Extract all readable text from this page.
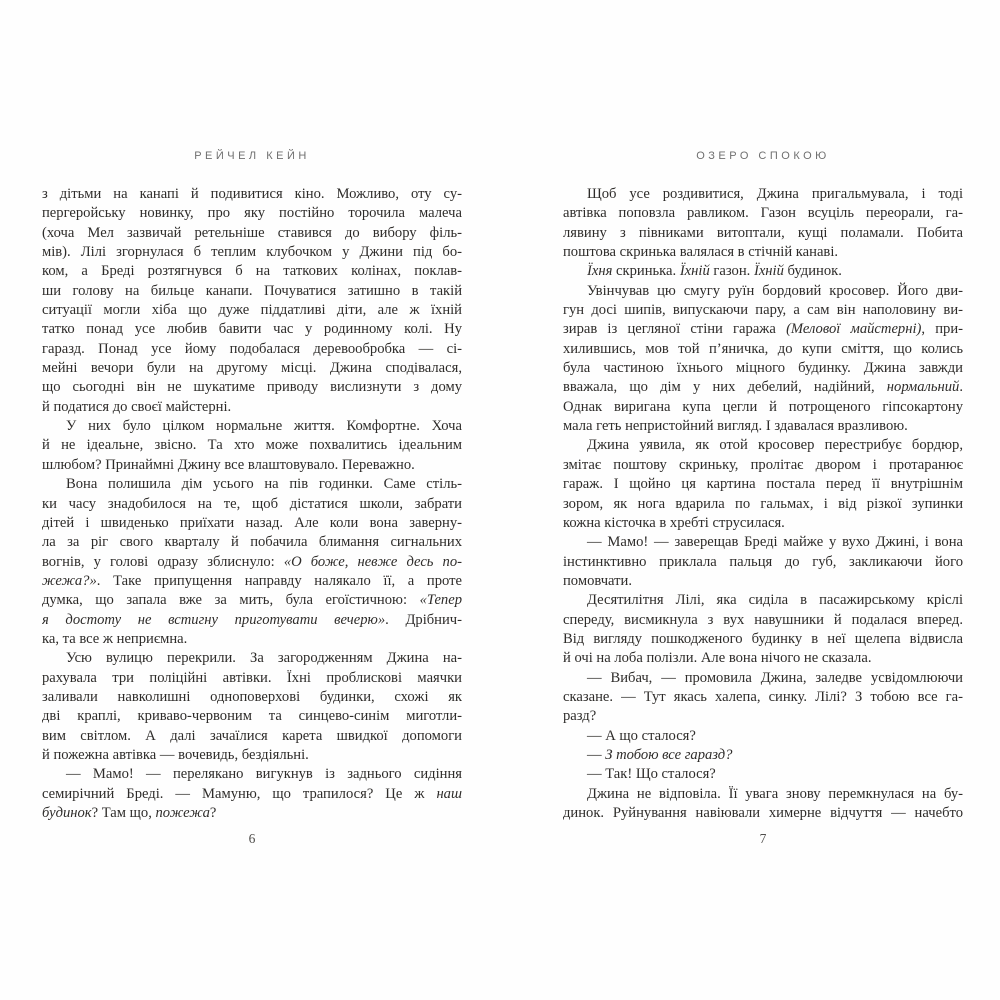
РЕЙЧЕЛ КЕЙН
з дітьми на канапі й подивитися кіно. Можливо, оту су-
пергеройську новинку, про яку постійно торочила малеча
(хоча Мел зазвичай ретельніше ставився до вибору філь-
мів). Лілі згорнулася б теплим клубочком у Джини під бо-
ком, а Бреді розтягнувся б на таткових колінах, поклав-
ши голову на бильце канапи. Почуватися затишно в такій
ситуації могли хіба що дуже піддатливі діти, але ж їхній
татко понад усе любив бавити час у родинному колі. Ну
гаразд. Понад усе йому подобалася деревообробка — сі-
мейні вечори були на другому місці. Джина сподівалася,
що сьогодні він не шукатиме приводу вислизнути з дому
й податися до своєї майстерні.
У них було цілком нормальне життя. Комфортне. Хоча
й не ідеальне, звісно. Та хто може похвалитись ідеальним
шлюбом? Принаймні Джину все влаштовувало. Переважно.
Вона полишила дім усього на пів годинки. Саме стіль-
ки часу знадобилося на те, щоб дістатися школи, забрати
дітей і швиденько приїхати назад. Але коли вона заверну-
ла за ріг свого кварталу й побачила блимання сигнальних
вогнів, у голові одразу зблиснуло: «О боже, невже десь по-
жежа?». Таке припущення направду налякало її, а проте
думка, що запала вже за мить, була егоїстичною: «Тепер
я достоту не встигну приготувати вечерю». Дрібнич-
ка, та все ж неприємна.
Усю вулицю перекрили. За загородженням Джина на-
рахувала три поліційні автівки. Їхні проблискові маячки
заливали навколишні одноповерхові будинки, схожі як
дві краплі, криваво-червоним та синцево-синім миготли-
вим світлом. А далі зачаїлися карета швидкої допомоги
й пожежна автівка — вочевидь, бездіяльні.
— Мамо! — перелякано вигукнув із заднього сидіння
семирічний Бреді. — Мамуню, що трапилося? Це ж наш
будинок? Там що, пожежа?
6
ОЗЕРО СПОКОЮ
Щоб усе роздивитися, Джина пригальмувала, і тоді
автівка поповзла равликом. Газон всуціль переорали, га-
лявину з півниками витоптали, кущі поламали. Побита
поштова скринька валялася в стічній канаві.
Їхня скринька. Їхній газон. Їхній будинок.
Увінчував цю смугу руїн бордовий кросовер. Його дви-
гун досі шипів, випускаючи пару, а сам він наполовину ви-
зирав із цегляної стіни гаража (Мелової майстерні), при-
хилившись, мов той п’яничка, до купи сміття, що колись
була частиною їхнього міцного будинку. Джина завжди
вважала, що дім у них дебелий, надійний, нормальний.
Однак виригана купа цегли й потрощеного гіпсокартону
мала геть непристойний вигляд. І здавалася вразливою.
Джина уявила, як отой кросовер перестрибує бордюр,
змітає поштову скриньку, пролітає двором і протаранює
гараж. І щойно ця картина постала перед її внутрішнім
зором, як нога вдарила по гальмах, і від різкої зупинки
кожна кісточка в хребті струсилася.
— Мамо! — заверещав Бреді майже у вухо Джині, і вона
інстинктивно приклала пальця до губ, закликаючи його
помовчати.
Десятилітня Лілі, яка сиділа в пасажирському кріслі
спереду, висмикнула з вух навушники й подалася вперед.
Від вигляду пошкодженого будинку в неї щелепа відвисла
й очі на лоба полізли. Але вона нічого не сказала.
— Вибач, — промовила Джина, заледве усвідомлюючи
сказане. — Тут якась халепа, синку. Лілі? З тобою все га-
разд?
— А що сталося?
— З тобою все гаразд?
— Так! Що сталося?
Джина не відповіла. Її увага знову перемкнулася на бу-
динок. Руйнування навіювали химерне відчуття — начебто
7
